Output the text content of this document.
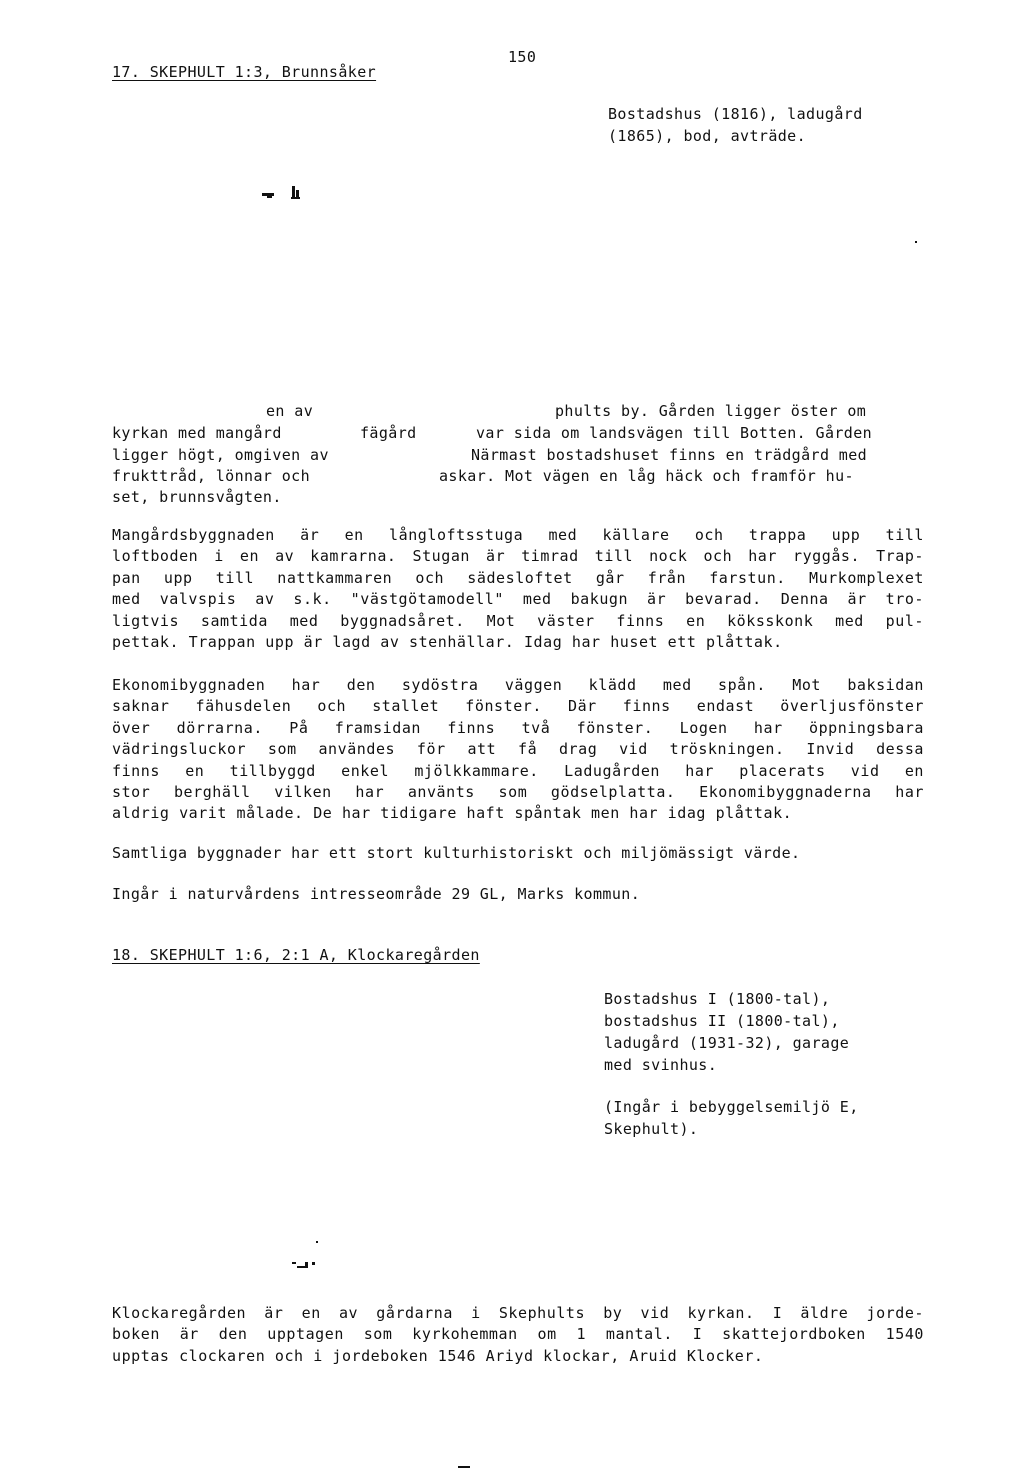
17. SKEPHULT 1:3, Brunnsåker
150
Bostadshus (1816), ladugård
(1865), bod, avträde.
en av
kyrkan med mangård
ligger högt, omgiven av
frukttråd, lönnar och
set, brunnsvågten.
fägård
phults by. Gården ligger öster om
var sida om landsvägen till Botten. Gården
Närmast bostadshuset finns en trädgård med
askar. Mot vägen en låg häck och framför hu-
Mangårdsbyggnaden är en långloftsstuga med källare och trappa upp till
loftboden i en av kamrarna. Stugan är timrad till nock och har ryggås. Trap-
pan upp till nattkammaren och sädesloftet går från farstun. Murkomplexet
med valvspis av s.k. "västgötamodell" med bakugn är bevarad. Denna är tro-
ligtvis samtida med byggnadsåret. Mot väster finns en köksskonk med pul-
pettak. Trappan upp är lagd av stenhällar. Idag har huset ett plåttak.
Ekonomibyggnaden har den sydöstra väggen klädd med spån. Mot baksidan
saknar fähusdelen och stallet fönster. Där finns endast överljusfönster
över dörrarna. På framsidan finns två fönster. Logen har öppningsbara
vädringsluckor som användes för att få drag vid tröskningen. Invid dessa
finns en tillbyggd enkel mjölkkammare. Ladugården har placerats vid en
stor berghäll vilken har använts som gödselplatta. Ekonomibyggnaderna har
aldrig varit målade. De har tidigare haft spåntak men har idag plåttak.
Samtliga byggnader har ett stort kulturhistoriskt och miljömässigt värde.
Ingår i naturvårdens intresseområde 29 GL, Marks kommun.
18. SKEPHULT 1:6, 2:1 A, Klockaregården
Bostadshus I (1800-tal),
bostadshus II (1800-tal),
ladugård (1931-32), garage
med svinhus.
(Ingår i bebyggelsemiljö E,
Skephult).
Klockaregården är en av gårdarna i Skephults by vid kyrkan. I äldre jorde-
boken är den upptagen som kyrkohemman om 1 mantal. I skattejordboken 1540
upptas clockaren och i jordeboken 1546 Ariyd klockar, Aruid Klocker.
